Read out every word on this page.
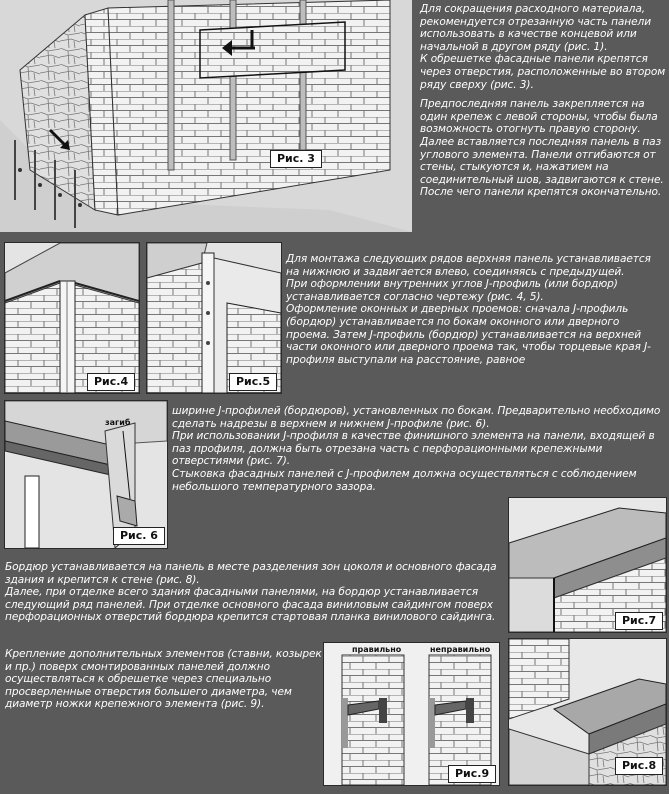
Рис. 3

Для сокращения расходного материала, рекомендуется отрезанную часть панели использовать в качестве концевой или начальной в другом ряду (рис. 1).

К обрешетке фасадные панели крепятся через отверстия, расположенные во втором ряду сверху (рис. 3).

Предпоследняя панель закрепляется на один крепеж с левой стороны, чтобы была возможность отогнуть правую сторону. Далее вставляется последняя панель в паз углового элемента. Панели отгибаются от стены, стыкуются и, нажатием на соединительный шов, задвигаются к стене. После чего панели крепятся окончательно.

Рис.4	Рис.5

Для монтажа следующих рядов верхняя панель устанавливается на нижнюю и задвигается влево, соединяясь с предыдущей.

При оформлении внутренних углов J-профиль (или бордюр) устанавливается согласно чертежу (рис. 4, 5).

Оформление оконных и дверных проемов: сначала J-профиль (бордюр) устанавливается по бокам оконного или дверного проема. Затем J-профиль (бордюр) устанавливается на верхней части оконного или дверного проема так, чтобы торцевые края J-профиля выступали на расстояние, равное

загиб
Рис. 6

ширине J-профилей (бордюров), установленных по бокам. Предварительно необходимо сделать надрезы в верхнем и нижнем J-профиле (рис. 6).

При использовании J-профиля в качестве финишного элемента на панели, входящей в паз профиля, должна быть отрезана часть с перфорационными крепежными отверстиями (рис. 7).

Стыковка фасадных панелей с J-профилем должна осуществляться с соблюдением небольшого температурного зазора.

Рис.7

Бордюр устанавливается на панель в месте разделения зон цоколя и основного фасада здания и крепится к стене (рис. 8).

Далее, при отделке всего здания фасадными панелями, на бордюр устанавливается следующий ряд панелей. При отделке основного фасада виниловым сайдингом поверх перфорационных отверстий бордюра крепится стартовая планка винилового сайдинга.

Крепление дополнительных элементов (ставни, козырек и пр.) поверх смонтированных панелей должно осуществляться к обрешетке через специально просверленные отверстия большего диаметра, чем диаметр ножки крепежного элемента (рис. 9).

правильно	неправильно
Рис.9
Рис.8
